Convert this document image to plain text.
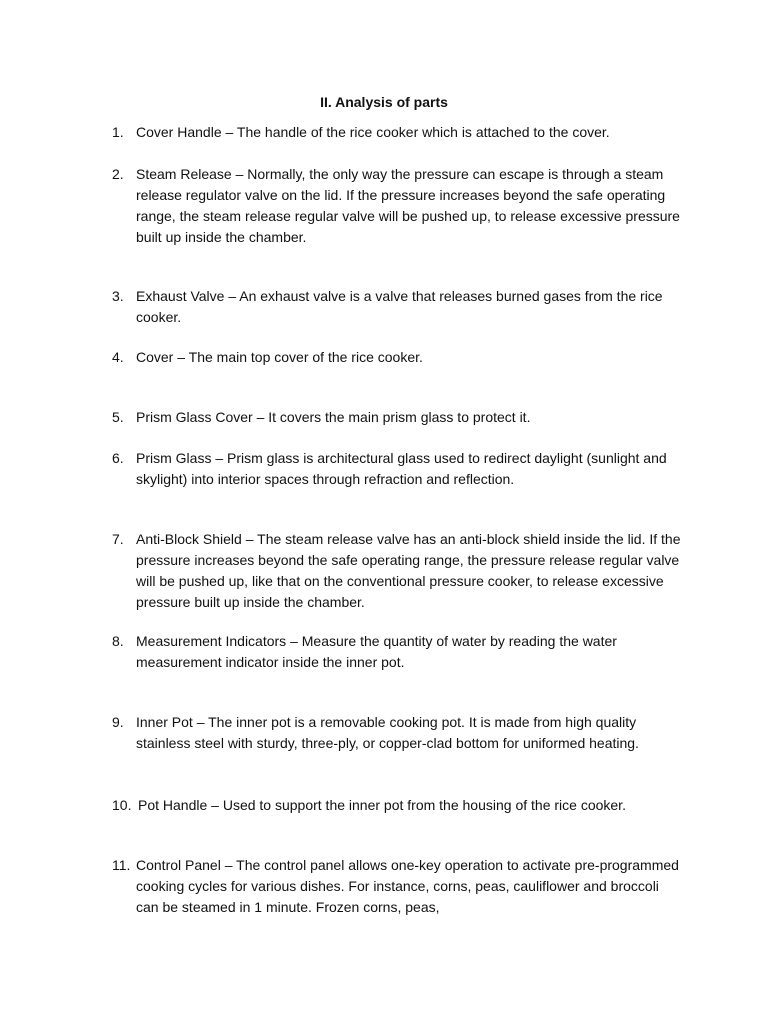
II. Analysis of parts
1. Cover Handle – The handle of the rice cooker which is attached to the cover.
2. Steam Release – Normally, the only way the pressure can escape is through a steam release regulator valve on the lid. If the pressure increases beyond the safe operating range, the steam release regular valve will be pushed up, to release excessive pressure built up inside the chamber.
3. Exhaust Valve – An exhaust valve is a valve that releases burned gases from the rice cooker.
4. Cover – The main top cover of the rice cooker.
5. Prism Glass Cover – It covers the main prism glass to protect it.
6. Prism Glass – Prism glass is architectural glass used to redirect daylight (sunlight and skylight) into interior spaces through refraction and reflection.
7. Anti-Block Shield – The steam release valve has an anti-block shield inside the lid. If the pressure increases beyond the safe operating range, the pressure release regular valve will be pushed up, like that on the conventional pressure cooker, to release excessive pressure built up inside the chamber.
8. Measurement Indicators – Measure the quantity of water by reading the water measurement indicator inside the inner pot.
9. Inner Pot – The inner pot is a removable cooking pot. It is made from high quality stainless steel with sturdy, three-ply, or copper-clad bottom for uniformed heating.
10. Pot Handle – Used to support the inner pot from the housing of the rice cooker.
11. Control Panel – The control panel allows one-key operation to activate pre-programmed cooking cycles for various dishes. For instance, corns, peas, cauliflower and broccoli can be steamed in 1 minute. Frozen corns, peas,
